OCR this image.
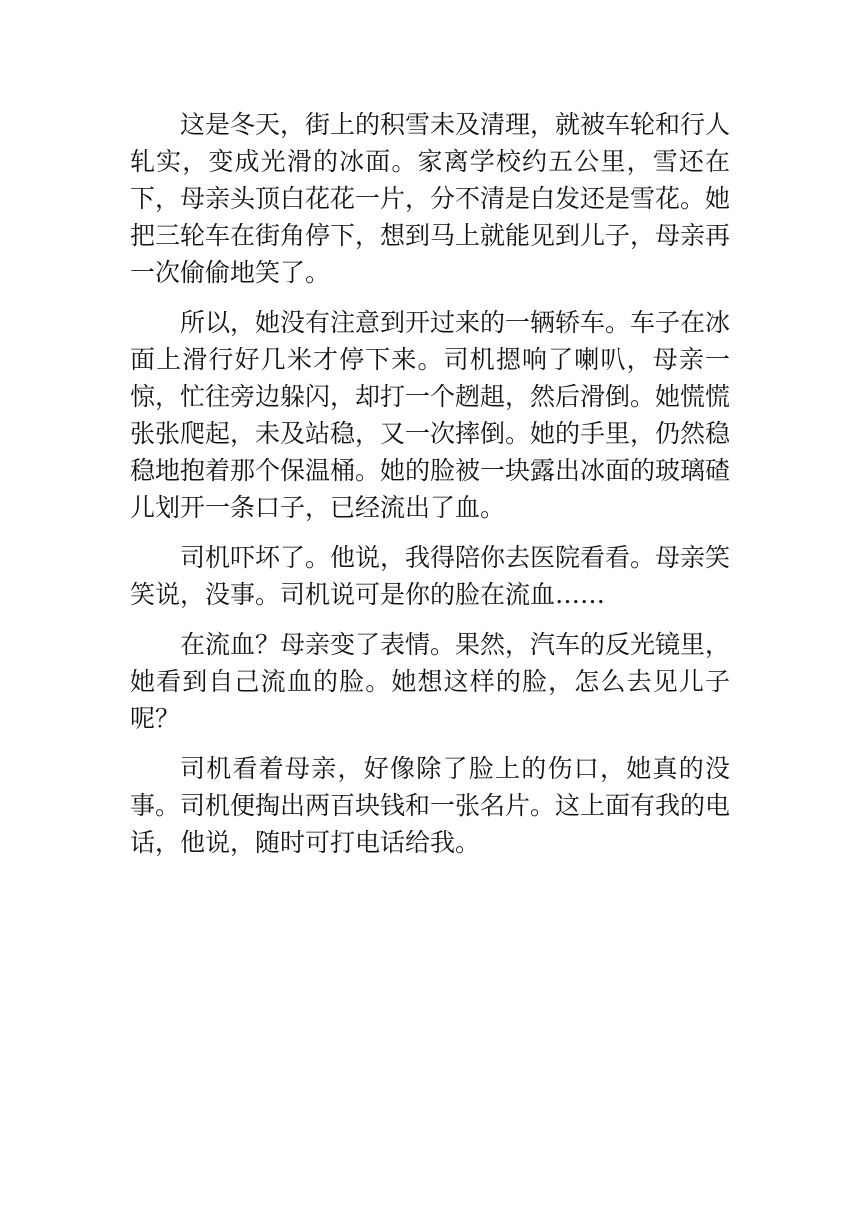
这是冬天，街上的积雪未及清理，就被车轮和行人轧实，变成光滑的冰面。家离学校约五公里，雪还在下，母亲头顶白花花一片，分不清是白发还是雪花。她把三轮车在街角停下，想到马上就能见到儿子，母亲再一次偷偷地笑了。

所以，她没有注意到开过来的一辆轿车。车子在冰面上滑行好几米才停下来。司机摁响了喇叭，母亲一惊，忙往旁边躲闪，却打一个趔趄，然后滑倒。她慌慌张张爬起，未及站稳，又一次摔倒。她的手里，仍然稳稳地抱着那个保温桶。她的脸被一块露出冰面的玻璃碴儿划开一条口子，已经流出了血。

司机吓坏了。他说，我得陪你去医院看看。母亲笑笑说，没事。司机说可是你的脸在流血……

在流血？母亲变了表情。果然，汽车的反光镜里，她看到自己流血的脸。她想这样的脸，怎么去见儿子呢？

司机看着母亲，好像除了脸上的伤口，她真的没事。司机便掏出两百块钱和一张名片。这上面有我的电话，他说，随时可打电话给我。
